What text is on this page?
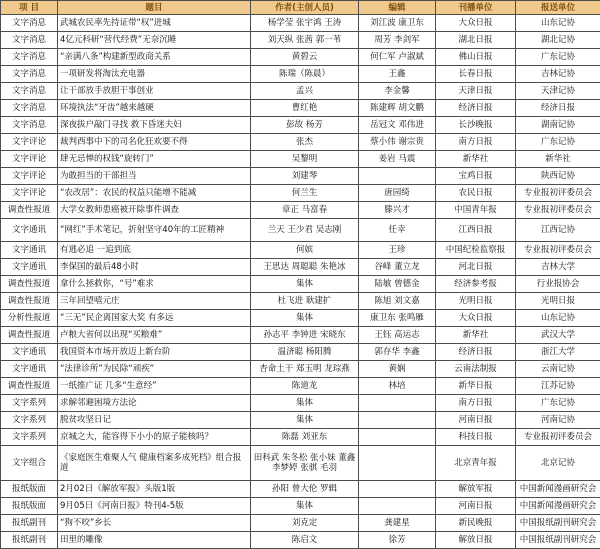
项 目	题目	作者(主创人员)	编辑	刊播单位	报送单位
文字消息	武城农民率先持证带“权”进城	杨学莹 张宇鸿 王涛	刘江波 康卫东	大众日报	山东记协
文字消息	4亿元科研“营代经费”无奈沉睡	刘天纵 张茜 郭一苇	周芳 李剑军	湖北日报	湖北记协
文字消息	“亲满八条”构建新型政商关系	黄碧云	何仁军 卢淑斌	佛山日报	广东记协
文字消息	一项研发将淘汰充电器	陈瑞（陈晨）	王鑫	长春日报	吉林记协
文字消息	让干部放手放胆干事创业	孟兴	李金馨	天津日报	天津记协
文字消息	环境执法“牙齿”越来越硬	曹红艳	陈建辉 胡文鹏	经济日报	经济日报
文字消息	深夜拔户敲门寻找 救下昏迷夫妇	彭故 杨芳	岳冠文 邓伟进	长沙晚报	湖南记协
文字评论	裁判西事中下的司名化狂欢要不得	张杰	蔡小伟 谢宗贵	南方日报	广东记协
文字评论	肆无忌惮的权钱“旋转门”	吴黎明	姜岩 马震	新华社	新华社
文字评论	为敢担当的干部担当	刘建琴		宝鸡日报	陕西记协
文字评论	“农改居”：农民的权益只能增不能减	何兰生	唐园绮	农民日报	专业报初评委员会
调查性报道	大学女教师患癌被开除事件调查	章正 马富春	滕兴才	中国青年报	专业报初评委员会
文字通讯	“网红”手术笔记，折射坚守40年的工匠精神	兰天 王少君 吴志刚	任幸	江西日报	江西记协
文字通讯	有逃必追 一追到底	何嫔	王珍	中国纪检监察报	专业报初评委员会
文字通讯	李保国的最后48小时	王思达 周聪聪 朱艳冰	谷峰 董立龙	河北日报	吉林大学
调查性报道	拿什么拯救你，“号”难求	集体	陆敏 曾德金	经济参考报	行业报协会
调查性报道	三年回望嘻元庄	杜飞进 耿建扩	陈旭 刘文嘉	光明日报	光明日报
分析性报道	“三无”民企离国家大奖 有多远	集体	康卫东 张鸣雁	大众日报	山东记协
调查性报道	卢粮大省何以出现“买粮难”	孙志平 李钟进 宋晓东	王钰 高运志	新华社	武汉大学
文字通讯	我国资本市场开放迈上新台阶	温济聪 杨阳腾	郭存华 李鑫	经济日报	浙江大学
文字通讯	“法律诊所”为民除“顽疾”	杏命土干 郑玉明 龙琮燕	黄娴	云南法制报	云南记协
调查性报道	一纸推广证 几多“生意经”	陈道龙	林培	新华日报	江苏记协
文字系列	求解邻避困境方法论	集体		南方日报	广东记协
文字系列	脱贫攻坚日记	集体		河南日报	河南记协
文字系列	京城之大，能容得下小小的原子能核吗？	陈磊 刘亚东		科技日报	专业报初评委员会
文字组合	《家庭医生难聚人气 健康档案多成死档》组合报道	田科武 朱冬松 张小妹 董鑫 李梦婷 张骐 毛羽		北京青年报	北京记协
报纸版面	2月02日《解放军报》头版1版	孙阳 曾大伦 罗辑		解放军报	中国新闻漫画研究会
报纸版面	9月05日《河南日报》特刊4-5版	集体		河南日报	中国新闻漫画研究会
报纸副刊	“狗不咬”乡长	刘克定	龚建星	新民晚报	中国报纸副刊研究会
报纸副刊	田里的雕像	陈启文	徐芳	解放日报	中国报纸副刊研究会
